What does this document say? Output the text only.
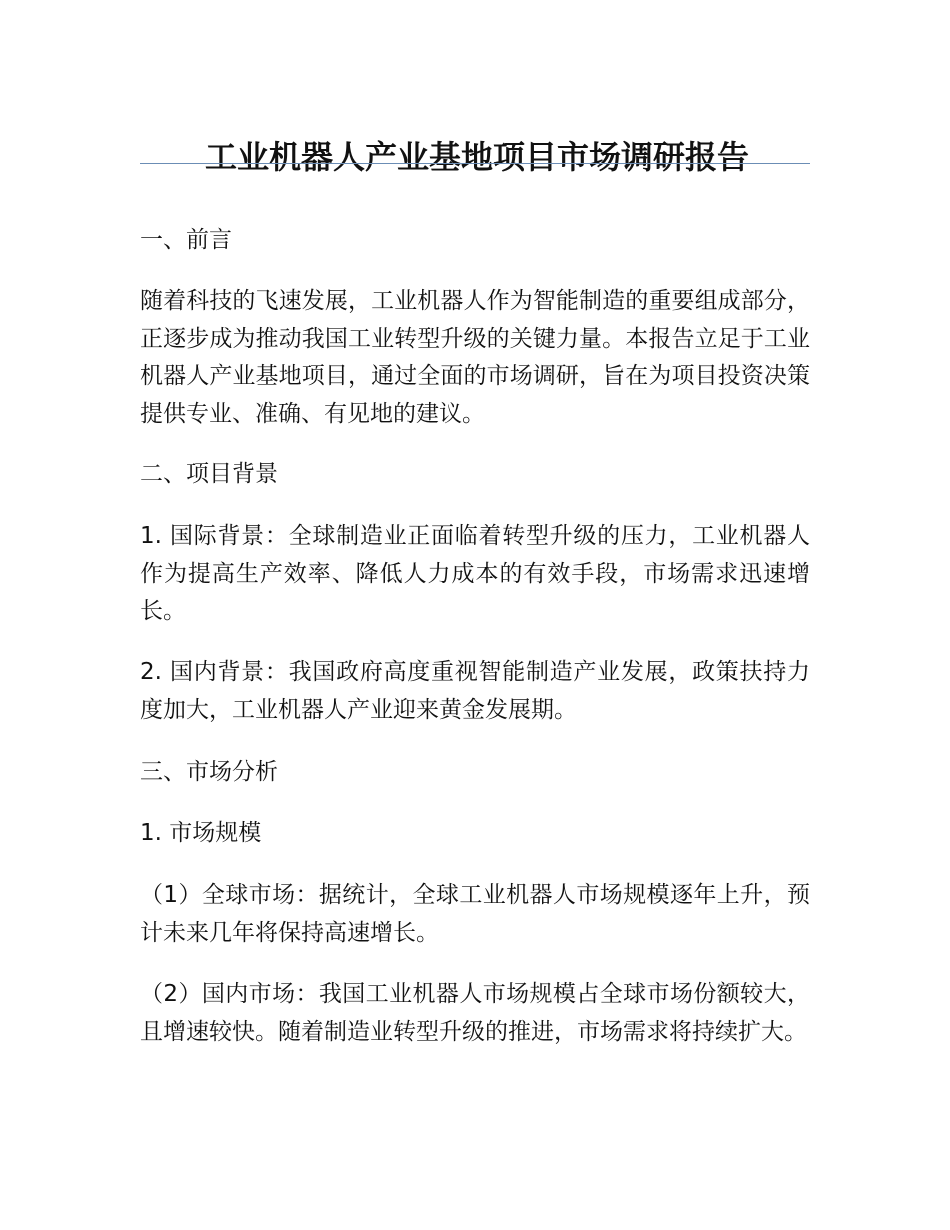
工业机器人产业基地项目市场调研报告

一、前言

随着科技的飞速发展，工业机器人作为智能制造的重要组成部分，正逐步成为推动我国工业转型升级的关键力量。本报告立足于工业机器人产业基地项目，通过全面的市场调研，旨在为项目投资决策提供专业、准确、有见地的建议。

二、项目背景

1. 国际背景：全球制造业正面临着转型升级的压力，工业机器人作为提高生产效率、降低人力成本的有效手段，市场需求迅速增长。

2. 国内背景：我国政府高度重视智能制造产业发展，政策扶持力度加大，工业机器人产业迎来黄金发展期。

三、市场分析

1. 市场规模

（1）全球市场：据统计，全球工业机器人市场规模逐年上升，预计未来几年将保持高速增长。

（2）国内市场：我国工业机器人市场规模占全球市场份额较大，且增速较快。随着制造业转型升级的推进，市场需求将持续扩大。
